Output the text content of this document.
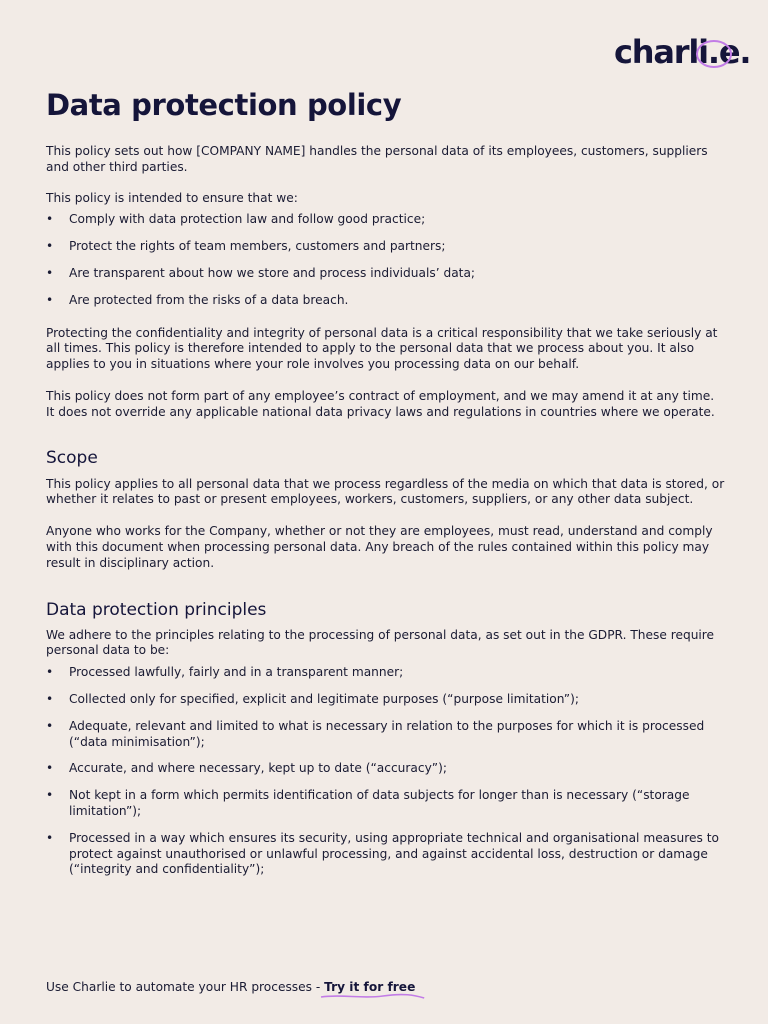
charli
.e.
Data protection policy

This policy sets out how [COMPANY NAME] handles the personal data of its employees, customers, suppliers and other third parties.

This policy is intended to ensure that we:

• Comply with data protection law and follow good practice;
• Protect the rights of team members, customers and partners;
• Are transparent about how we store and process individuals’ data;
• Are protected from the risks of a data breach.

Protecting the confidentiality and integrity of personal data is a critical responsibility that we take seriously at all times. This policy is therefore intended to apply to the personal data that we process about you. It also applies to you in situations where your role involves you processing data on our behalf.

This policy does not form part of any employee’s contract of employment, and we may amend it at any time. It does not override any applicable national data privacy laws and regulations in countries where we operate.

Scope

This policy applies to all personal data that we process regardless of the media on which that data is stored, or whether it relates to past or present employees, workers, customers, suppliers, or any other data subject.

Anyone who works for the Company, whether or not they are employees, must read, understand and comply with this document when processing personal data. Any breach of the rules contained within this policy may result in disciplinary action.

Data protection principles

We adhere to the principles relating to the processing of personal data, as set out in the GDPR. These require personal data to be:

• Processed lawfully, fairly and in a transparent manner;
• Collected only for specified, explicit and legitimate purposes (“purpose limitation”);
• Adequate, relevant and limited to what is necessary in relation to the purposes for which it is processed (“data minimisation”);
• Accurate, and where necessary, kept up to date (“accuracy”);
• Not kept in a form which permits identification of data subjects for longer than is necessary (“storage limitation”);
• Processed in a way which ensures its security, using appropriate technical and organisational measures to protect against unauthorised or unlawful processing, and against accidental loss, destruction or damage (“integrity and confidentiality”);
Use Charlie to automate your HR processes - Try it for free
